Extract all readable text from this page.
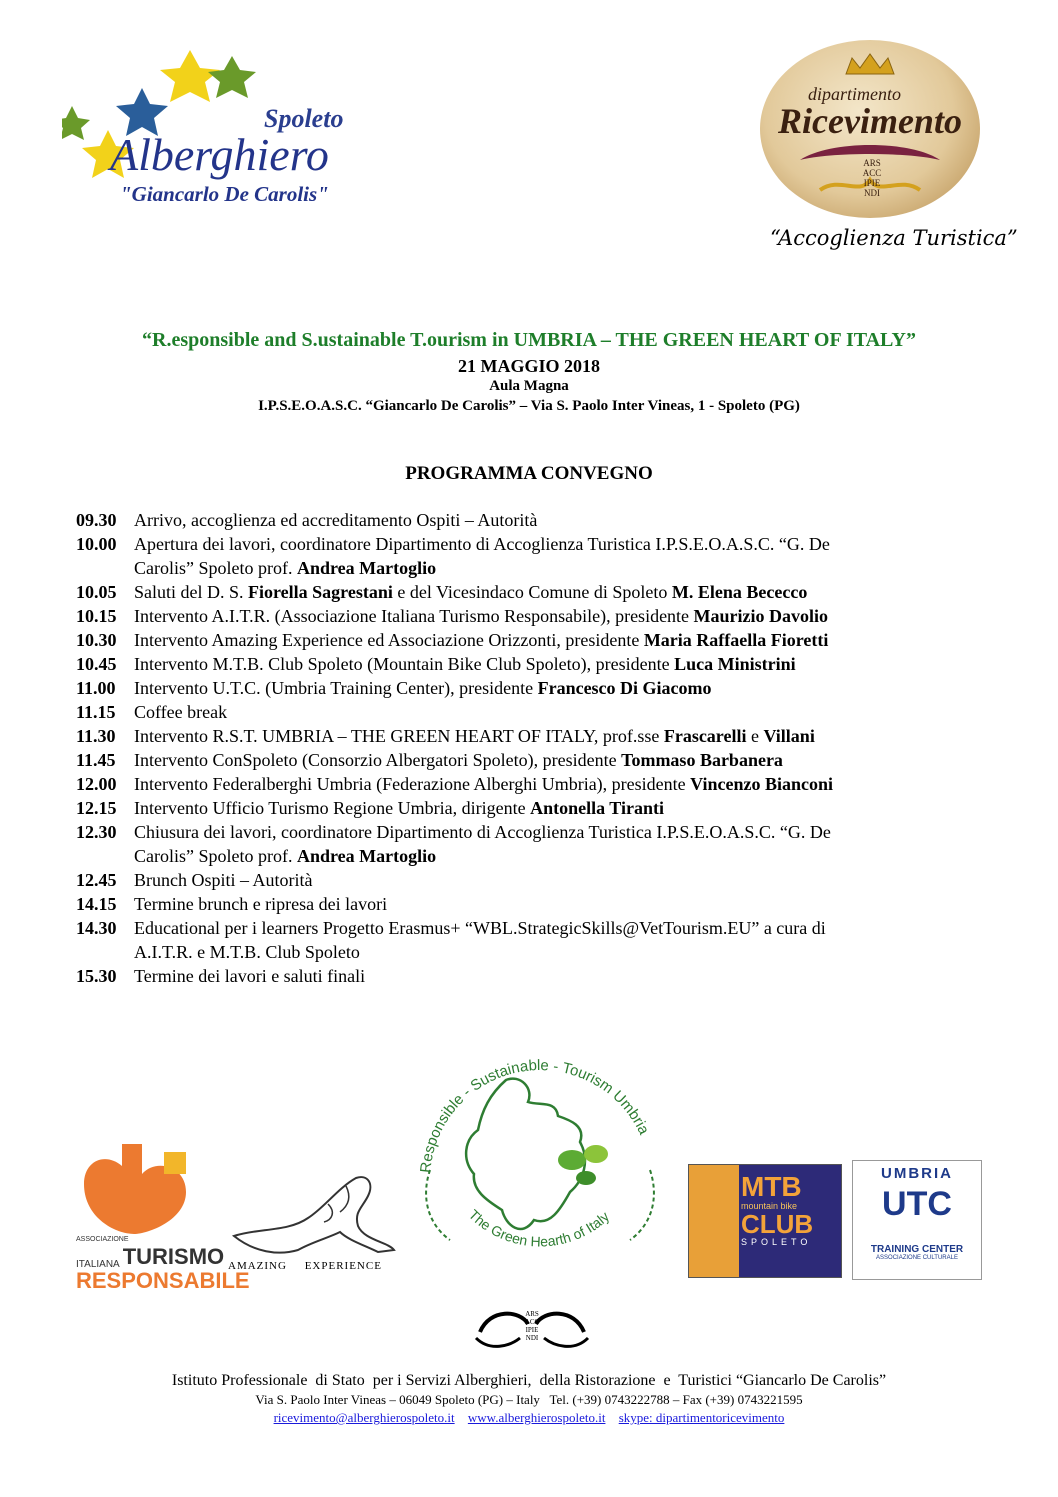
Spoleto
Alberghiero
"Giancarlo De Carolis"
dipartimento
Ricevimento
ARS ACC IPIE NDI
“Accoglienza Turistica”
“R.esponsible and S.ustainable T.ourism in UMBRIA – THE GREEN HEART OF ITALY”
21 MAGGIO 2018
Aula Magna
I.P.S.E.O.A.S.C. “Giancarlo De Carolis” – Via S. Paolo Inter Vineas, 1 - Spoleto (PG)
PROGRAMMA CONVEGNO
09.30 Arrivo, accoglienza ed accreditamento Ospiti – Autorità
10.00 Apertura dei lavori, coordinatore Dipartimento di Accoglienza Turistica I.P.S.E.O.A.S.C. “G. De
Carolis” Spoleto prof. Andrea Martoglio
10.05 Saluti del D. S. Fiorella Sagrestani e del Vicesindaco Comune di Spoleto M. Elena Bececco
10.15 Intervento A.I.T.R. (Associazione Italiana Turismo Responsabile), presidente Maurizio Davolio
10.30 Intervento Amazing Experience ed Associazione Orizzonti, presidente Maria Raffaella Fioretti
10.45 Intervento M.T.B. Club Spoleto (Mountain Bike Club Spoleto), presidente Luca Ministrini
11.00	Intervento U.T.C. (Umbria Training Center), presidente Francesco Di Giacomo
11.15	Coffee break
11.30	Intervento R.S.T. UMBRIA – THE GREEN HEART OF ITALY, prof.sse Frascarelli e Villani
11.45	Intervento ConSpoleto (Consorzio Albergatori Spoleto), presidente Tommaso Barbanera
12.00 Intervento Federalberghi Umbria (Federazione Alberghi Umbria), presidente Vincenzo Bianconi
12.15 Intervento Ufficio Turismo Regione Umbria, dirigente Antonella Tiranti
12.30 Chiusura dei lavori, coordinatore Dipartimento di Accoglienza Turistica I.P.S.E.O.A.S.C. “G. De
Carolis” Spoleto prof. Andrea Martoglio
12.45 Brunch Ospiti – Autorità
14.15 Termine brunch e ripresa dei lavori
14.30 Educational per i learners Progetto Erasmus+ “WBL.StrategicSkills@VetTourism.EU” a cura di
A.I.T.R. e M.T.B. Club Spoleto
15.30 Termine dei lavori e saluti finali
ASSOCIAZIONE
ITALIANA TURISMO
RESPONSABILE
AMAZING EXPERIENCE
Responsible - Sustainable - Tourism Umbria
The Green Hearth of Italy
MTB
mountain bike
CLUB
SPOLETO
UMBRIA
UTC
TRAINING CENTER
ASSOCIAZIONE CULTURALE
ARS ACC IPIE NDI
Istituto Professionale  di Stato  per i Servizi Alberghieri,  della Ristorazione  e  Turistici “Giancarlo De Carolis”
Via S. Paolo Inter Vineas – 06049 Spoleto (PG) – Italy   Tel. (+39) 0743222788 – Fax (+39) 0743221595
ricevimento@alberghierospoleto.it www.alberghierospoleto.it skype: dipartimentoricevimento
